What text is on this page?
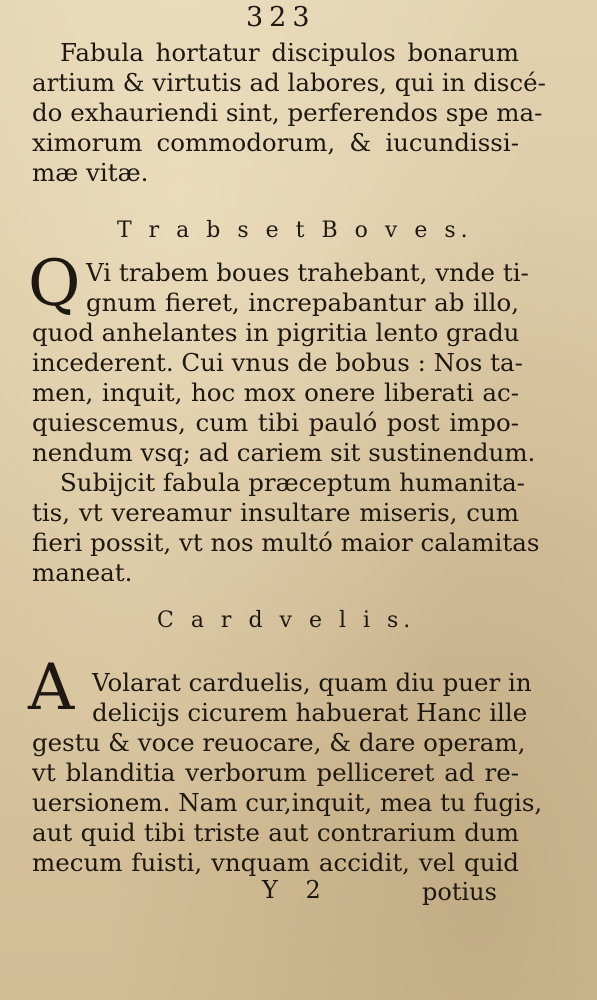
323
Fabula hortatur discipulos bonarum
artium & virtutis ad labores, qui in discé-
do exhauriendi sint, perferendos spe ma-
ximorum commodorum, & iucundissi-
mæ vitæ.
T r a b s e t B o v e s.
Q Vi trabem boues trahebant, vnde ti-
gnum fieret, increpabantur ab illo,
quod anhelantes in pigritia lento gradu
incederent. Cui vnus de bobus : Nos ta-
men, inquit, hoc mox onere liberati ac-
quiescemus, cum tibi pauló post impo-
nendum vsq; ad cariem sit sustinendum.
Subijcit fabula præceptum humanita-
tis, vt vereamur insultare miseris, cum
fieri possit, vt nos multó maior calamitas
maneat.
C a r d v e l i s.
A Volarat carduelis, quam diu puer in
delicijs cicurem habuerat Hanc ille
gestu & voce reuocare, & dare operam,
vt blanditia verborum pelliceret ad re-
uersionem. Nam cur,inquit, mea tu fugis,
aut quid tibi triste aut contrarium dum
mecum fuisti, vnquam accidit, vel quid
Y 2	potius
